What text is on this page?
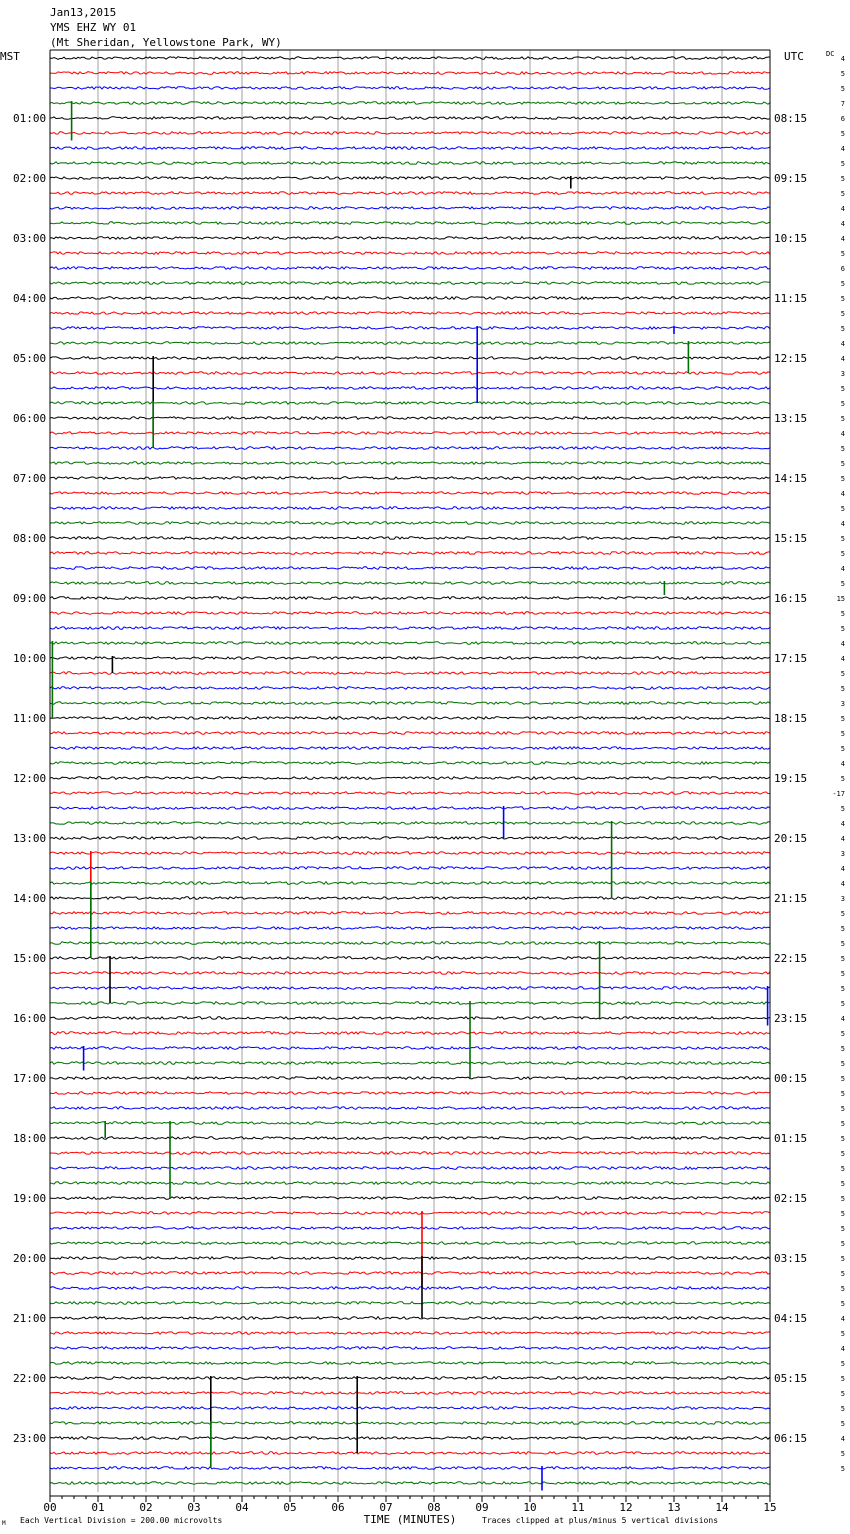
Jan13,2015
YMS EHZ WY 01
(Mt Sheridan, Yellowstone Park, WY)
MST	UTC	DC
TIME (MINUTES)
Each Vertical Division = 200.00 microvolts	Traces clipped at plus/minus 5 vertical divisions
M
00	01	02	03	04	05	06	07	08	09	10	11	12	13	14	15
01:00
02:00
03:00
04:00
05:00
06:00
07:00
08:00
09:00
10:00
11:00
12:00
13:00
14:00
15:00
16:00
17:00
18:00
19:00
20:00
21:00
22:00
23:00
08:15
09:15
10:15
11:15
12:15
13:15
14:15
15:15
16:15
17:15
18:15
19:15
20:15
21:15
22:15
23:15
00:15
01:15
02:15
03:15
04:15
05:15
06:15
4
5
5
7
6
5
4
5
5
5
4
4
4
5
6
5
5
5
5
4
4
3
5
5
5
4
5
5
5
4
5
4
5
5
4
5
15
5
5
4
4
5
5
3
5
5
5
4
5
-17
5
4
4
3
4
4
3
5
5
5
5
5
5
5
4
5
5
5
5
5
5
5
5
5
5
5
5
5
5
5
5
5
5
5
4
5
4
5
5
5
5
5
4
5
5
